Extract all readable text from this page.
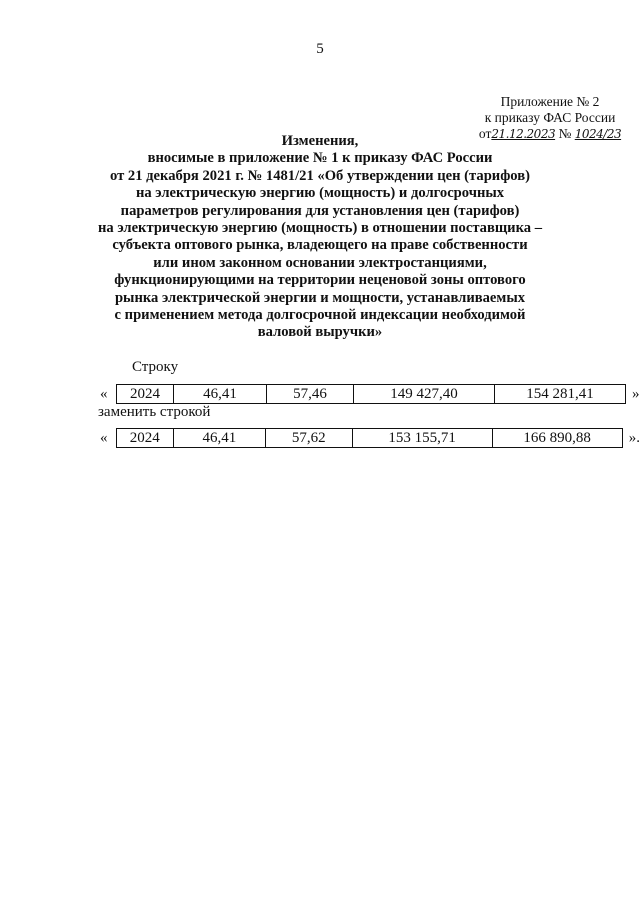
5
Приложение № 2
к приказу ФАС России
от21.12.2023 № 1024/23
Изменения,
вносимые в приложение № 1 к приказу ФАС России
от 21 декабря 2021 г. № 1481/21 «Об утверждении цен (тарифов)
на электрическую энергию (мощность) и долгосрочных
параметров регулирования для установления цен (тарифов)
на электрическую энергию (мощность) в отношении поставщика –
субъекта оптового рынка, владеющего на праве собственности
или ином законном основании электростанциями,
функционирующими на территории неценовой зоны оптового
рынка электрической энергии и мощности, устанавливаемых
с применением метода долгосрочной индексации необходимой
валовой выручки»
Строку
«	2024	46,41	57,46	149 427,40	154 281,41	»
заменить строкой
«	2024	46,41	57,62	153 155,71	166 890,88	».
